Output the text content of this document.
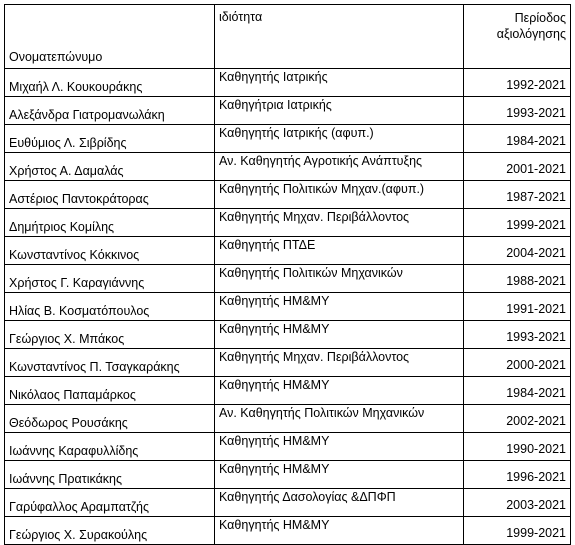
Ονοματεπώνυμο	ιδιότητα	Περίοδος
αξιολόγησης
Μιχαήλ Λ. Κουκουράκης	Καθηγητής Ιατρικής	1992-2021
Αλεξάνδρα Γιατρομανωλάκη	Καθηγήτρια Ιατρικής	1993-2021
Ευθύμιος Λ. Σιβρίδης	Καθηγητής Ιατρικής (αφυπ.)	1984-2021
Χρήστος Α. Δαμαλάς	Αν. Καθηγητής Αγροτικής Ανάπτυξης	2001-2021
Αστέριος Παντοκράτορας	Καθηγητής Πολιτικών Μηχαν.(αφυπ.)	1987-2021
Δημήτριος Κομίλης	Καθηγητής Μηχαν. Περιβάλλοντος	1999-2021
Κωνσταντίνος Κόκκινος	Καθηγητής ΠΤΔΕ	2004-2021
Χρήστος Γ. Καραγιάννης	Καθηγητής Πολιτικών Μηχανικών	1988-2021
Ηλίας Β. Κοσματόπουλος	Καθηγητής ΗΜ&ΜΥ	1991-2021
Γεώργιος Χ. Μπάκος	Καθηγητής ΗΜ&ΜΥ	1993-2021
Κωνσταντίνος Π. Τσαγκαράκης	Καθηγητής Μηχαν. Περιβάλλοντος	2000-2021
Νικόλαος Παπαμάρκος	Καθηγητής ΗΜ&ΜΥ	1984-2021
Θεόδωρος Ρουσάκης	Αν. Καθηγητής Πολιτικών Μηχανικών	2002-2021
Ιωάννης Καραφυλλίδης	Καθηγητής ΗΜ&ΜΥ	1990-2021
Ιωάννης Πρατικάκης	Καθηγητής ΗΜ&ΜΥ	1996-2021
Γαρύφαλλος Αραμπατζής	Καθηγητής Δασολογίας &ΔΠΦΠ	2003-2021
Γεώργιος Χ. Συρακούλης	Καθηγητής ΗΜ&ΜΥ	1999-2021
